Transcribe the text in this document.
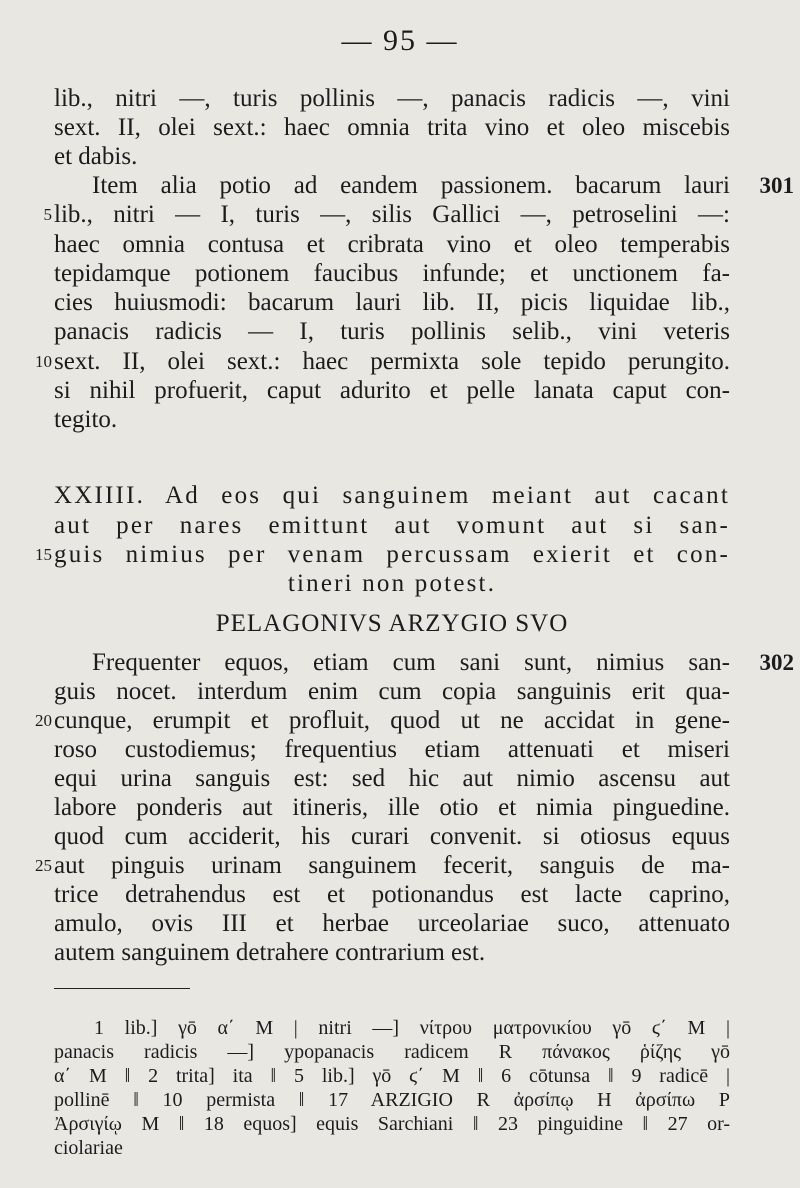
— 95 —
lib., nitri —, turis pollinis —, panacis radicis —, vini
sext. II, olei sext.: haec omnia trita vino et oleo miscebis
et dabis.
Item alia potio ad eandem passionem. bacarum lauri 301
5 lib., nitri — I, turis —, silis Gallici —, petroselini —:
haec omnia contusa et cribrata vino et oleo temperabis
tepidamque potionem faucibus infunde; et unctionem fa-
cies huiusmodi: bacarum lauri lib. II, picis liquidae lib.,
panacis radicis — I, turis pollinis selib., vini veteris
10 sext. II, olei sext.: haec permixta sole tepido perungito.
si nihil profuerit, caput adurito et pelle lanata caput con-
tegito.
XXIIII. Ad eos qui sanguinem meiant aut cacant
aut per nares emittunt aut vomunt aut si san-
15 guis nimius per venam percussam exierit et con-
tineri non potest.
PELAGONIVS ARZYGIO SVO
Frequenter equos, etiam cum sani sunt, nimius san- 302
guis nocet. interdum enim cum copia sanguinis erit qua-
20 cunque, erumpit et profluit, quod ut ne accidat in gene-
roso custodiemus; frequentius etiam attenuati et miseri
equi urina sanguis est: sed hic aut nimio ascensu aut
labore ponderis aut itineris, ille otio et nimia pinguedine.
quod cum acciderit, his curari convenit. si otiosus equus
25 aut pinguis urinam sanguinem fecerit, sanguis de ma-
trice detrahendus est et potionandus est lacte caprino,
amulo, ovis III et herbae urceolariae suco, attenuato
autem sanguinem detrahere contrarium est.
1 lib.] γō α΄ M | nitri —] νίτρου ματρονικίου γō ϛ΄ M |
panacis radicis —] ypopanacis radicem R πάνακος ῥίζης γō
α΄ M ‖ 2 trita] ita ‖ 5 lib.] γō ϛ΄ M ‖ 6 cōtunsa ‖ 9 radicē |
pollinē ‖ 10 permista ‖ 17 ARZIGIO R ἀρσίπῳ H ἀρσίπω P
Ἀρσιγίῳ M ‖ 18 equos] equis Sarchiani ‖ 23 pinguidine ‖ 27 or-
ciolariae
